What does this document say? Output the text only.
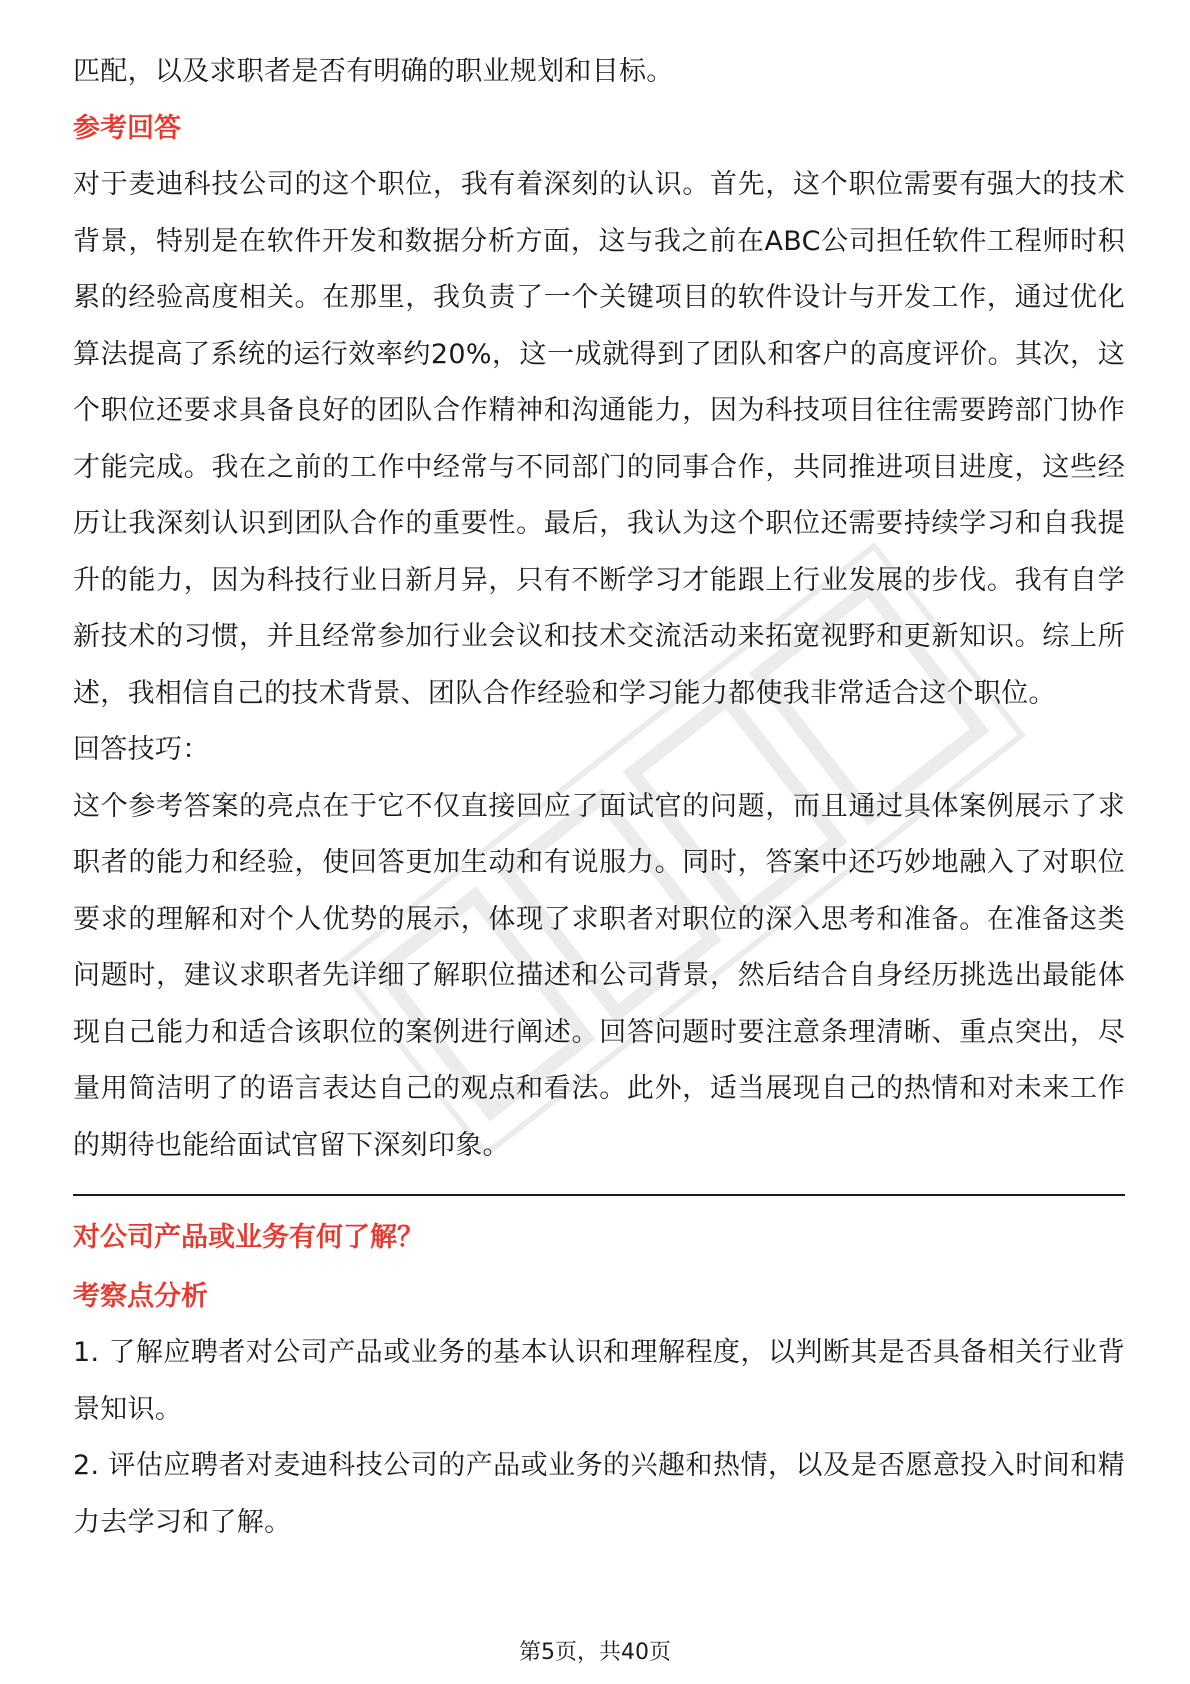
匹配，以及求职者是否有明确的职业规划和目标。

参考回答

对于麦迪科技公司的这个职位，我有着深刻的认识。首先，这个职位需要有强大的技术背景，特别是在软件开发和数据分析方面，这与我之前在ABC公司担任软件工程师时积累的经验高度相关。在那里，我负责了一个关键项目的软件设计与开发工作，通过优化算法提高了系统的运行效率约20%，这一成就得到了团队和客户的高度评价。其次，这个职位还要求具备良好的团队合作精神和沟通能力，因为科技项目往往需要跨部门协作才能完成。我在之前的工作中经常与不同部门的同事合作，共同推进项目进度，这些经历让我深刻认识到团队合作的重要性。最后，我认为这个职位还需要持续学习和自我提升的能力，因为科技行业日新月异，只有不断学习才能跟上行业发展的步伐。我有自学新技术的习惯，并且经常参加行业会议和技术交流活动来拓宽视野和更新知识。综上所述，我相信自己的技术背景、团队合作经验和学习能力都使我非常适合这个职位。

回答技巧：

这个参考答案的亮点在于它不仅直接回应了面试官的问题，而且通过具体案例展示了求职者的能力和经验，使回答更加生动和有说服力。同时，答案中还巧妙地融入了对职位要求的理解和对个人优势的展示，体现了求职者对职位的深入思考和准备。在准备这类问题时，建议求职者先详细了解职位描述和公司背景，然后结合自身经历挑选出最能体现自己能力和适合该职位的案例进行阐述。回答问题时要注意条理清晰、重点突出，尽量用简洁明了的语言表达自己的观点和看法。此外，适当展现自己的热情和对未来工作的期待也能给面试官留下深刻印象。

对公司产品或业务有何了解？

考察点分析

1. 了解应聘者对公司产品或业务的基本认识和理解程度，以判断其是否具备相关行业背景知识。

2. 评估应聘者对麦迪科技公司的产品或业务的兴趣和热情，以及是否愿意投入时间和精力去学习和了解。

第5页，共40页
